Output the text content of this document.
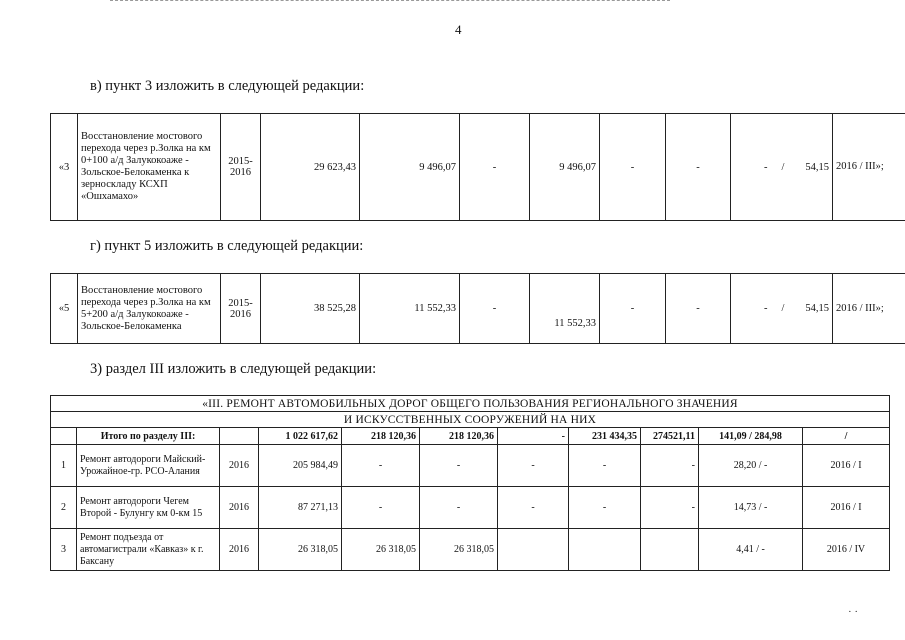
4
в) пункт 3 изложить в следующей редакции:
«3	Восстановление мостового перехода через р.Золка на км 0+100 а/д Залукокоаже - Зольское-Белокаменка к зерноскладу КСХП «Ошхамахо»	2015-2016	29 623,43	9 496,07	-	9 496,07	-	-	-	/	54,15	2016 / III»;
г) пункт 5 изложить в следующей редакции:
«5	Восстановление мостового перехода через р.Золка на км 5+200 а/д Залукокоаже - Зольское-Белокаменка	2015-2016	38 525,28	11 552,33	-	11 552,33	-	-	-	/	54,15	2016 / III»;
3) раздел III изложить в следующей редакции:
«III. РЕМОНТ АВТОМОБИЛЬНЫХ ДОРОГ ОБЩЕГО ПОЛЬЗОВАНИЯ РЕГИОНАЛЬНОГО ЗНАЧЕНИЯ										
И ИСКУССТВЕННЫХ СООРУЖЕНИЙ НА НИХ										
	Итого по разделу III:		1 022 617,62	218 120,36	218 120,36	-	231 434,35	274521,11	141,09 / 284,98	/
1	Ремонт автодороги Майский-Урожайное-гр. РСО-Алания	2016	205 984,49	-	-	-	-	-	28,20 / -	2016 / I
2	Ремонт автодороги Чегем Второй - Булунгу км 0-км 15	2016	87 271,13	-	-	-	-	-	14,73 / -	2016 / I
3	Ремонт подъезда от автомагистрали «Кавказ» к г. Баксану	2016	26 318,05	26 318,05	26 318,05				4,41 / -	2016 / IV
· ·
